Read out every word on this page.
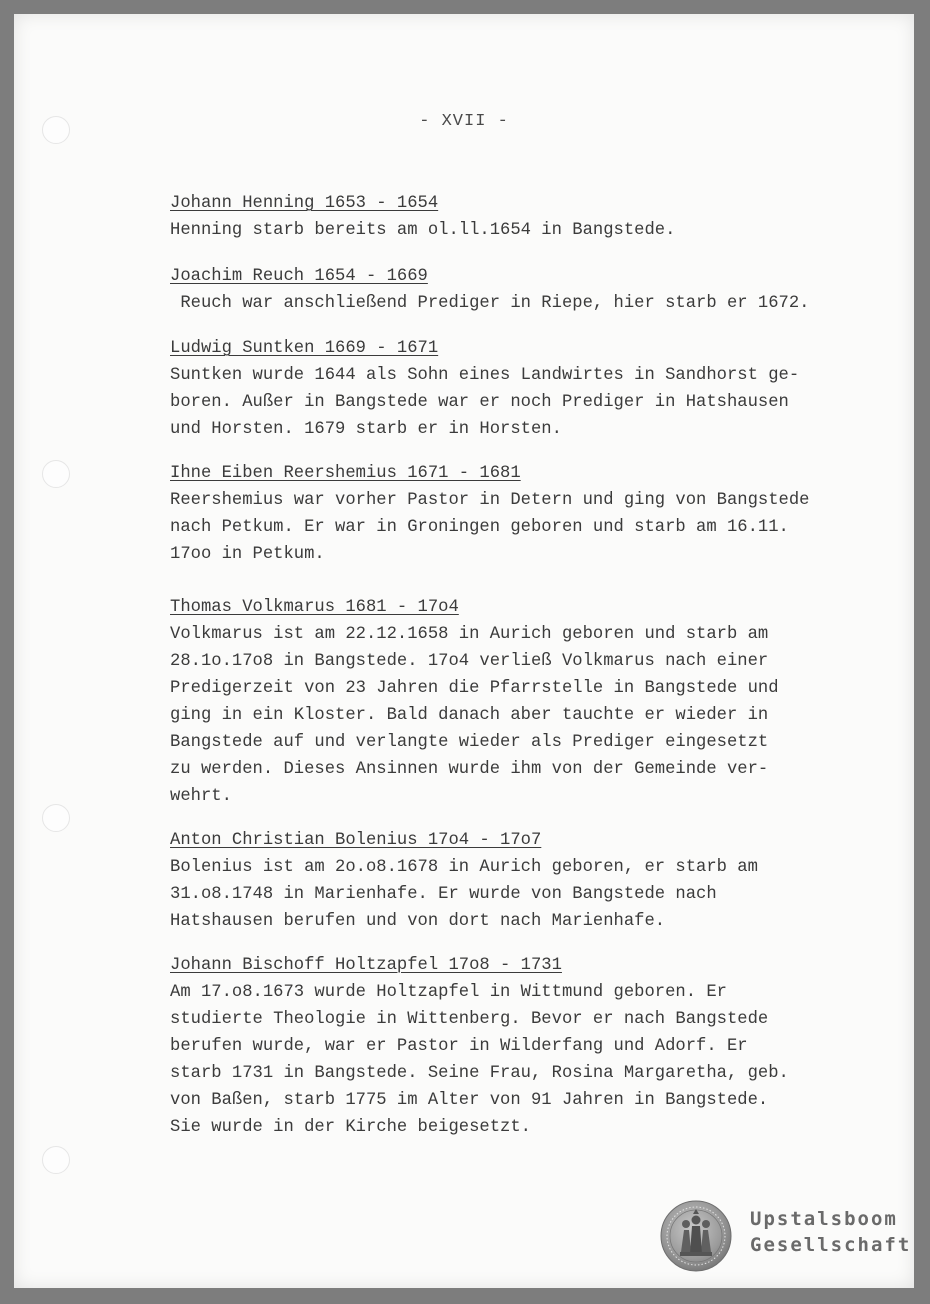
- XVII -
Johann Henning 1653 - 1654
Henning starb bereits am ol.ll.1654 in Bangstede.
Joachim Reuch 1654 - 1669
Reuch war anschließend Prediger in Riepe, hier starb er 1672.
Ludwig Suntken 1669 - 1671
Suntken wurde 1644 als Sohn eines Landwirtes in Sandhorst ge-
boren. Außer in Bangstede war er noch Prediger in Hatshausen
und Horsten. 1679 starb er in Horsten.
Ihne Eiben Reershemius 1671 - 1681
Reershemius war vorher Pastor in Detern und ging von Bangstede
nach Petkum. Er war in Groningen geboren und starb am 16.11.
17oo in Petkum.
Thomas Volkmarus 1681 - 17o4
Volkmarus ist am 22.12.1658 in Aurich geboren und starb am
28.1o.17o8 in Bangstede. 17o4 verließ Volkmarus nach einer
Predigerzeit von 23 Jahren die Pfarrstelle in Bangstede und
ging in ein Kloster. Bald danach aber tauchte er wieder in
Bangstede auf und verlangte wieder als Prediger eingesetzt
zu werden. Dieses Ansinnen wurde ihm von der Gemeinde ver-
wehrt.
Anton Christian Bolenius 17o4 - 17o7
Bolenius ist am 2o.o8.1678 in Aurich geboren, er starb am
31.o8.1748 in Marienhafe. Er wurde von Bangstede nach
Hatshausen berufen und von dort nach Marienhafe.
Johann Bischoff Holtzapfel 17o8 - 1731
Am 17.o8.1673 wurde Holtzapfel in Wittmund geboren. Er
studierte Theologie in Wittenberg. Bevor er nach Bangstede
berufen wurde, war er Pastor in Wilderfang und Adorf. Er
starb 1731 in Bangstede. Seine Frau, Rosina Margaretha, geb.
von Baßen, starb 1775 im Alter von 91 Jahren in Bangstede.
Sie wurde in der Kirche beigesetzt.
Upstalsboom
Gesellschaft
